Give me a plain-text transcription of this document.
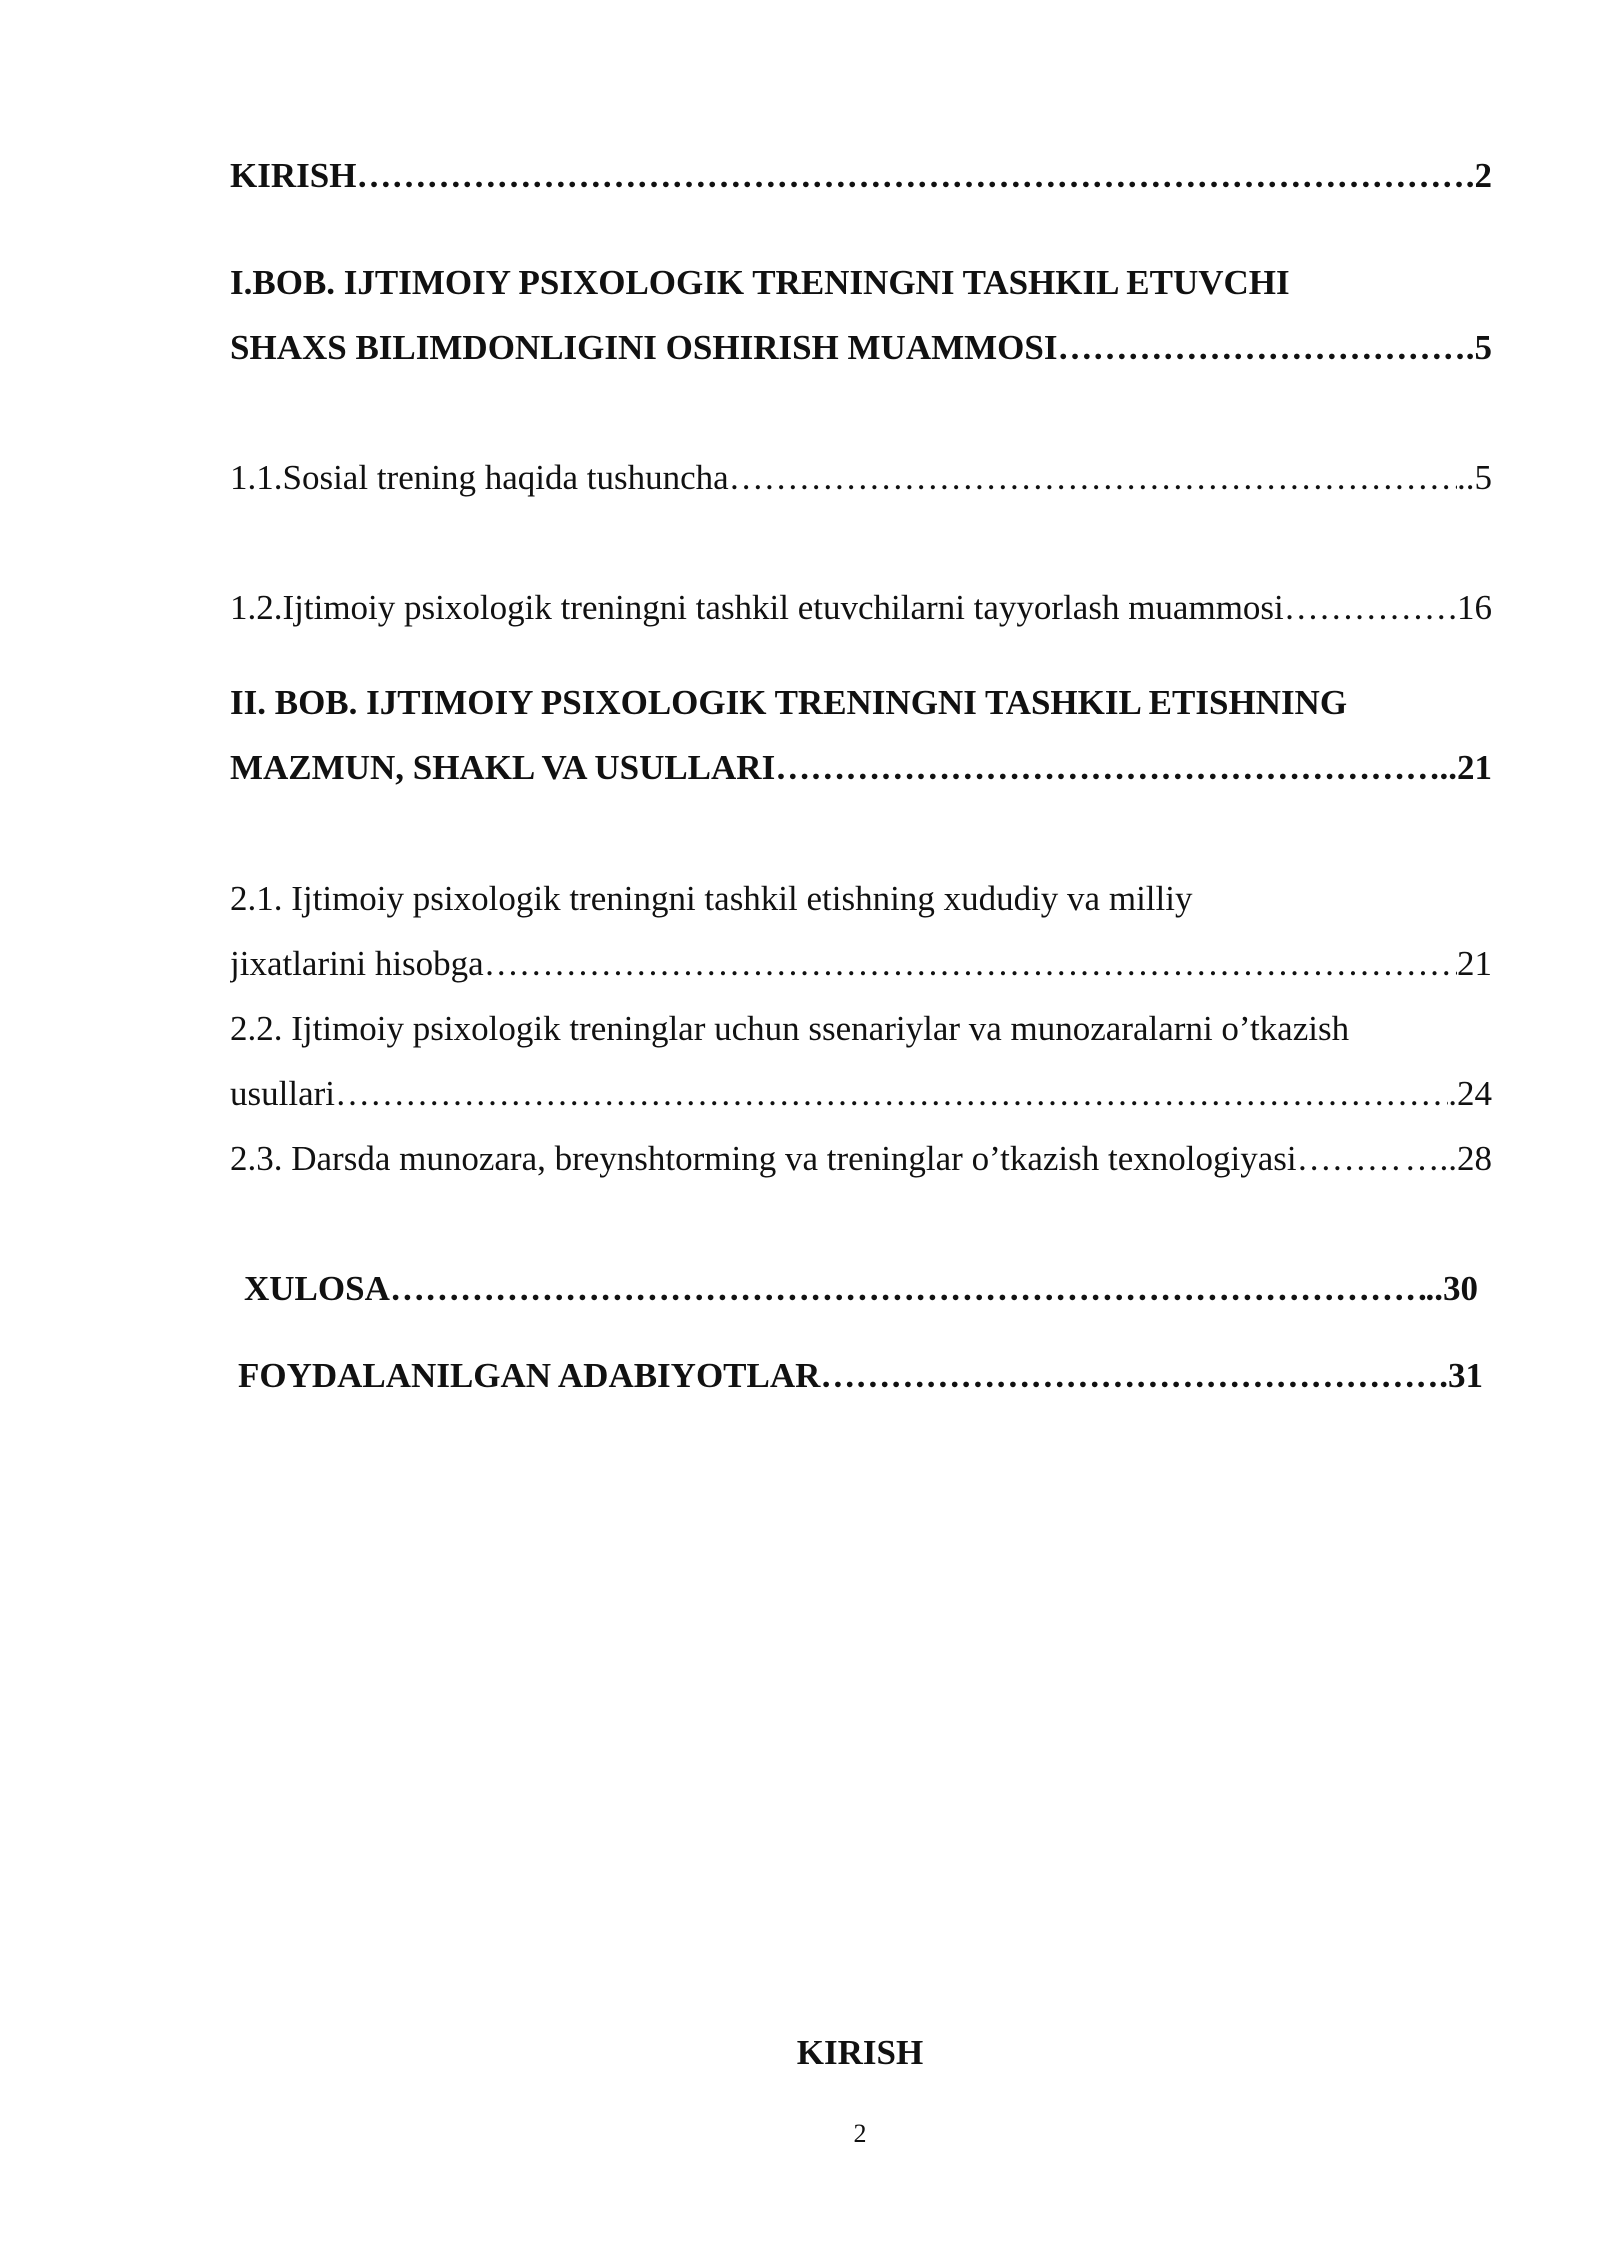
KIRISH ……………………………………………………………………………………………………………………………………………………………………………………………………………………………	.2
I.BOB. IJTIMOIY PSIXOLOGIK TRENINGNI TASHKIL ETUVCHI
SHAXS BILIMDONLIGINI OSHIRISH MUAMMOSI ……………………………………………………………………………………………………………………………………………………………………………………………………………………………	.5
1.1.Sosial trening haqida tushuncha ……………………………………………………………………………………………………………………………………………………………………………………………………………………………	..5
1.2.Ijtimoiy psixologik treningni tashkil etuvchilarni tayyorlash muammosi ……………………………………………………………………………………………………………………………………………………………………………………………………………………………	.16
II. BOB. IJTIMOIY PSIXOLOGIK TRENINGNI TASHKIL ETISHNING
MAZMUN, SHAKL VA USULLARI ……………………………………………………………………………………………………………………………………………………………………………………………………………………………	..21
2.1. Ijtimoiy psixologik treningni tashkil etishning xududiy va milliy
jixatlarini hisobga ……………………………………………………………………………………………………………………………………………………………………………………………………………………………	21
2.2. Ijtimoiy psixologik treninglar uchun ssenariylar va munozaralarni o’tkazish
usullari ……………………………………………………………………………………………………………………………………………………………………………………………………………………………	.24
2.3. Darsda munozara, breynshtorming va treninglar o’tkazish texnologiyasi ……………………………………………………………………………………………………………………………………………………………………………………………………………………………	…..28
XULOSA ……………………………………………………………………………………………………………………………………………………………………………………………………………………………	..30
FOYDALANILGAN ADABIYOTLAR ……………………………………………………………………………………………………………………………………………………………………………………………………………………………	.31
KIRISH
2
